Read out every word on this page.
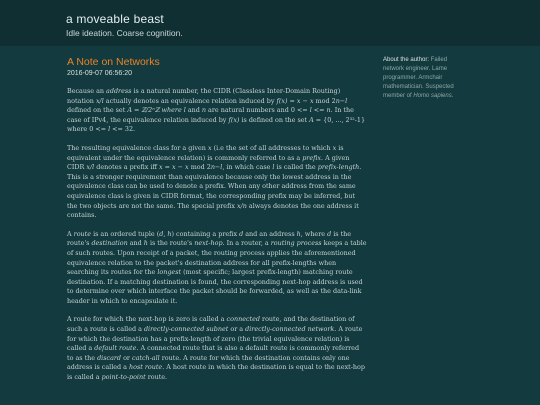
a moveable beast
Idle ideation. Coarse cognition.
A Note on Networks
2016-09-07 06:56:20

Because an address is a natural number, the CIDR (Classless Inter-Domain Routing) notation x/l actually denotes an equivalence relation induced by f(x) = x − x mod 2n−l defined on the set A = ℤ/2ⁿℤ where l and n are natural numbers and 0 <= l <= n. In the case of IPv4, the equivalence relation induced by f(x) is defined on the set A = {0, ..., 2³²-1} where 0 <= l <= 32.

The resulting equivalence class for a given x (i.e the set of all addresses to which x is equivalent under the equivalence relation) is commonly referred to as a prefix. A given CIDR x/l denotes a prefix iff x = x − x mod 2n−l, in which case l is called the prefix-length. This is a stronger requirement than equivalence because only the lowest address in the equivalence class can be used to denote a prefix. When any other address from the same equivalence class is given in CIDR format, the corresponding prefix may be inferred, but the two objects are not the same. The special prefix x/n always denotes the one address it contains.

A route is an ordered tuple (d, h) containing a prefix d and an address h, where d is the route's destination and h is the route's next-hop. In a router, a routing process keeps a table of such routes. Upon receipt of a packet, the routing process applies the aforementioned equivalence relation to the packet's destination address for all prefix-lengths when searching its routes for the longest (most specific; largest prefix-length) matching route destination. If a matching destination is found, the corresponding next-hop address is used to determine over which interface the packet should be forwarded, as well as the data-link header in which to encapsulate it.

A route for which the next-hop is zero is called a connected route, and the destination of such a route is called a directly-connected subnet or a directly-connected network. A route for which the destination has a prefix-length of zero (the trivial equivalence relation) is called a default route. A connected route that is also a default route is commonly referred to as the discard or catch-all route. A route for which the destination contains only one address is called a host route. A host route in which the destination is equal to the next-hop is called a point-to-point route.

About the author: Failed network engineer. Lame programmer. Armchair mathematician. Suspected member of Homo sapiens.
